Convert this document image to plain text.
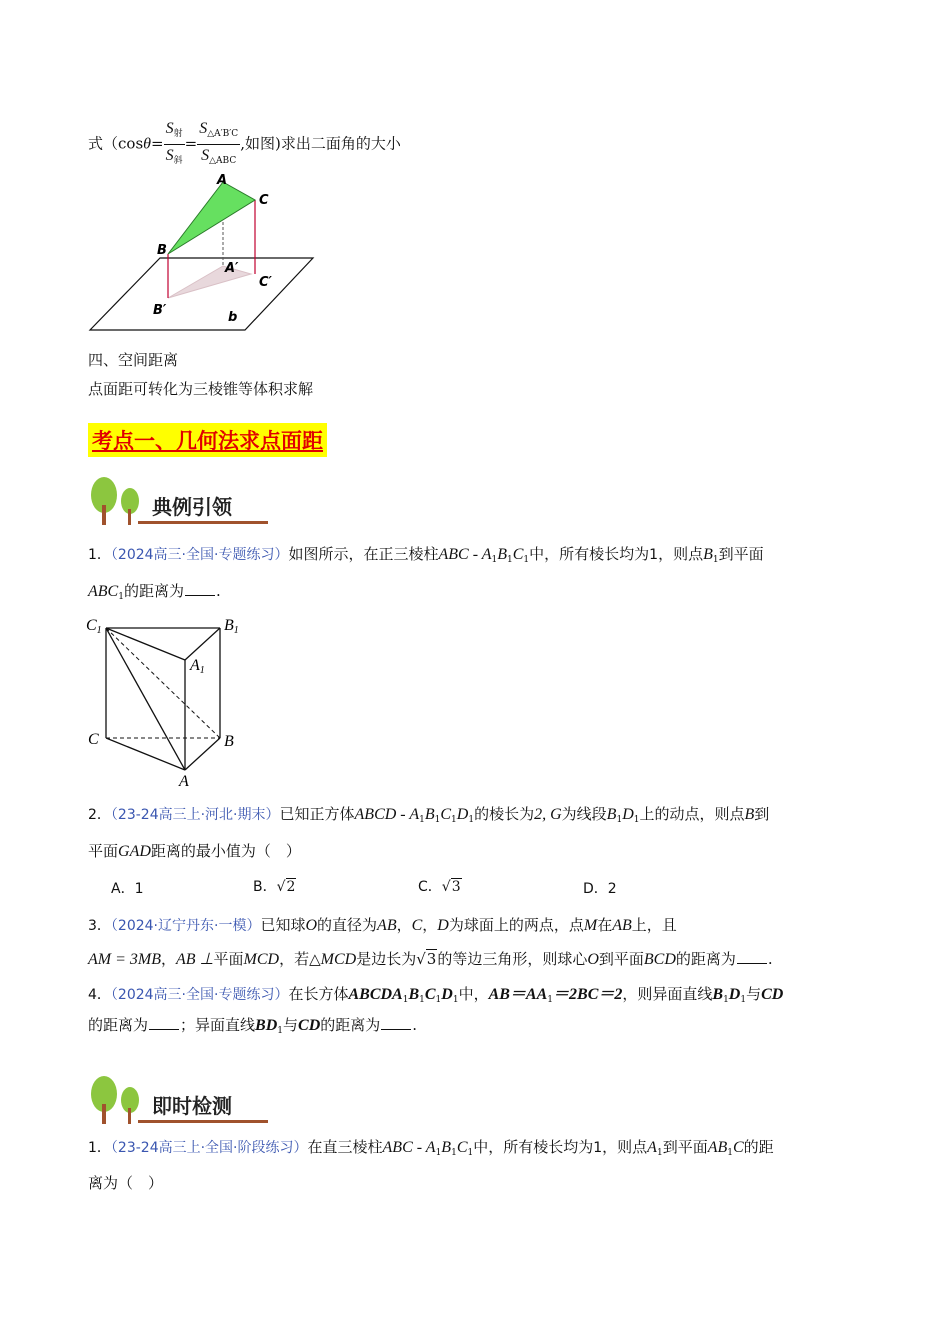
式（$\cos\theta= \frac{S_射}{S_斜} = \frac{S_{\triangle A'B'C}}{S_{\triangle ABC}}$ ,如图)求出二面角的大小
A
C
B
A′
C′
B′	b
四、空间距离
点面距可转化为三棱锥等体积求解
考点一、几何法求点面距
典例引领
1．（2024高三·全国·专题练习）如图所示，在正三棱柱ABC - $A_1B_1C_1$中，所有棱长均为1，则点$B_1$到平面
$ABC_1$的距离为 .
C1	B1
A1
C	B
A
2．（23-24高三上·河北·期末）已知正方体ABCD - $A_1B_1C_1D_1$的棱长为2, G为线段$B_1D_1$上的动点，则点B到
平面GAD距离的最小值为（　）
A．1	B．√2	C．√3	D．2
3．（2024·辽宁丹东·一模）已知球O的直径为AB，C，D为球面上的两点，点M在AB上，且
AM = 3MB，AB ⊥平面MCD，若△MCD是边长为√3的等边三角形，则球心O到平面BCD的距离为 .
4．（2024高三·全国·专题练习）在长方体$ABCDA_1B_1C_1D_1$中，$AB=AA_1=2BC=2$，则异面直线$B_1D_1$与CD
的距离为 ；异面直线$BD_1$与CD的距离为 .
即时检测
1．（23-24高三上·全国·阶段练习）在直三棱柱ABC - $A_1B_1C_1$中，所有棱长均为1，则点$A_1$到平面$AB_1C$的距
离为（　）
